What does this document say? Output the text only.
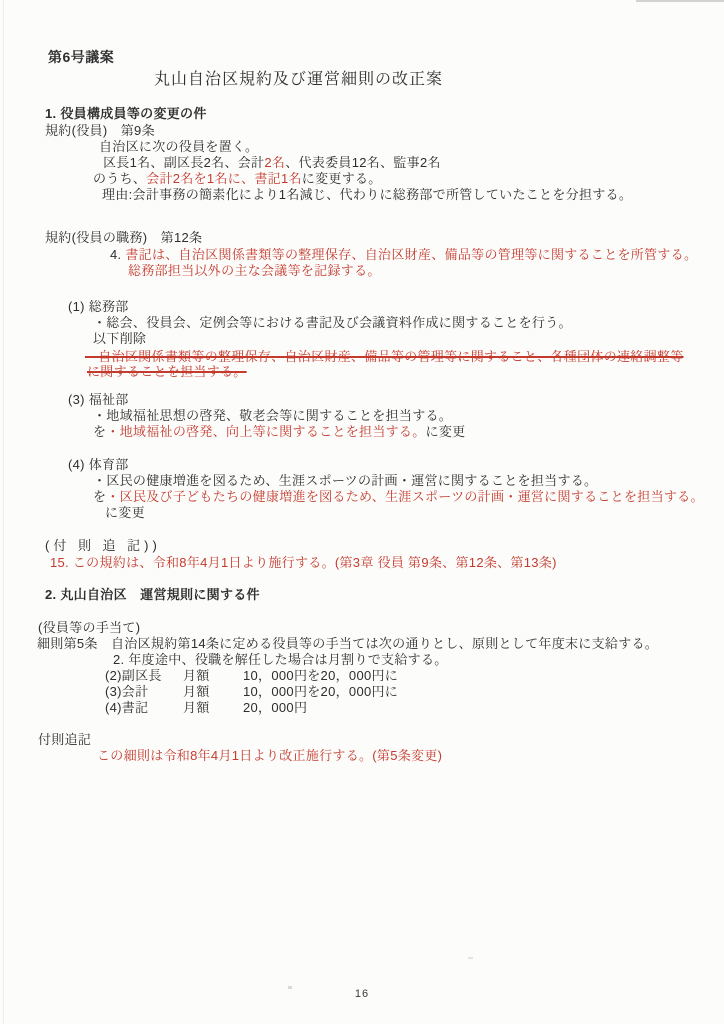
第6号議案
丸山自治区規約及び運営細則の改正案
1. 役員構成員等の変更の件
規約(役員)　第9条
自治区に次の役員を置く。
区長1名、副区長2名、会計2名、代表委員12名、監事2名
のうち、会計2名を1名に、書記1名に変更する。
理由:会計事務の簡素化により1名減じ、代わりに総務部で所管していたことを分担する。
規約(役員の職務)　第12条
4. 書記は、自治区関係書類等の整理保存、自治区財産、備品等の管理等に関することを所管する。
総務部担当以外の主な会議等を記録する。
(1) 総務部
・総会、役員会、定例会等における書記及び会議資料作成に関することを行う。
以下削除
―自治区関係書類等の整理保存、自治区財産、備品等の管理等に関すること、各種団体の連絡調整等
に関することを担当する。
(3) 福祉部
・地域福祉思想の啓発、敬老会等に関することを担当する。
を・地域福祉の啓発、向上等に関することを担当する。に変更
(4) 体育部
・区民の健康増進を図るため、生涯スポーツの計画・運営に関することを担当する。
を・区民及び子どもたちの健康増進を図るため、生涯スポーツの計画・運営に関することを担当する。
に変更
(付 則 追 記))
15. この規約は、令和8年4月1日より施行する。(第3章 役員 第9条、第12条、第13条)
2. 丸山自治区　運営規則に関する件
(役員等の手当て)
細則第5条　自治区規約第14条に定める役員等の手当ては次の通りとし、原則として年度末に支給する。
2. 年度途中、役職を解任した場合は月割りで支給する。
(2)副区長 月額	10，000円を20，000円に
(3)会計	月額	10，000円を20，000円に
(4)書記	月額	20，000円
付則追記
この細則は令和8年4月1日より改正施行する。(第5条変更)
16
